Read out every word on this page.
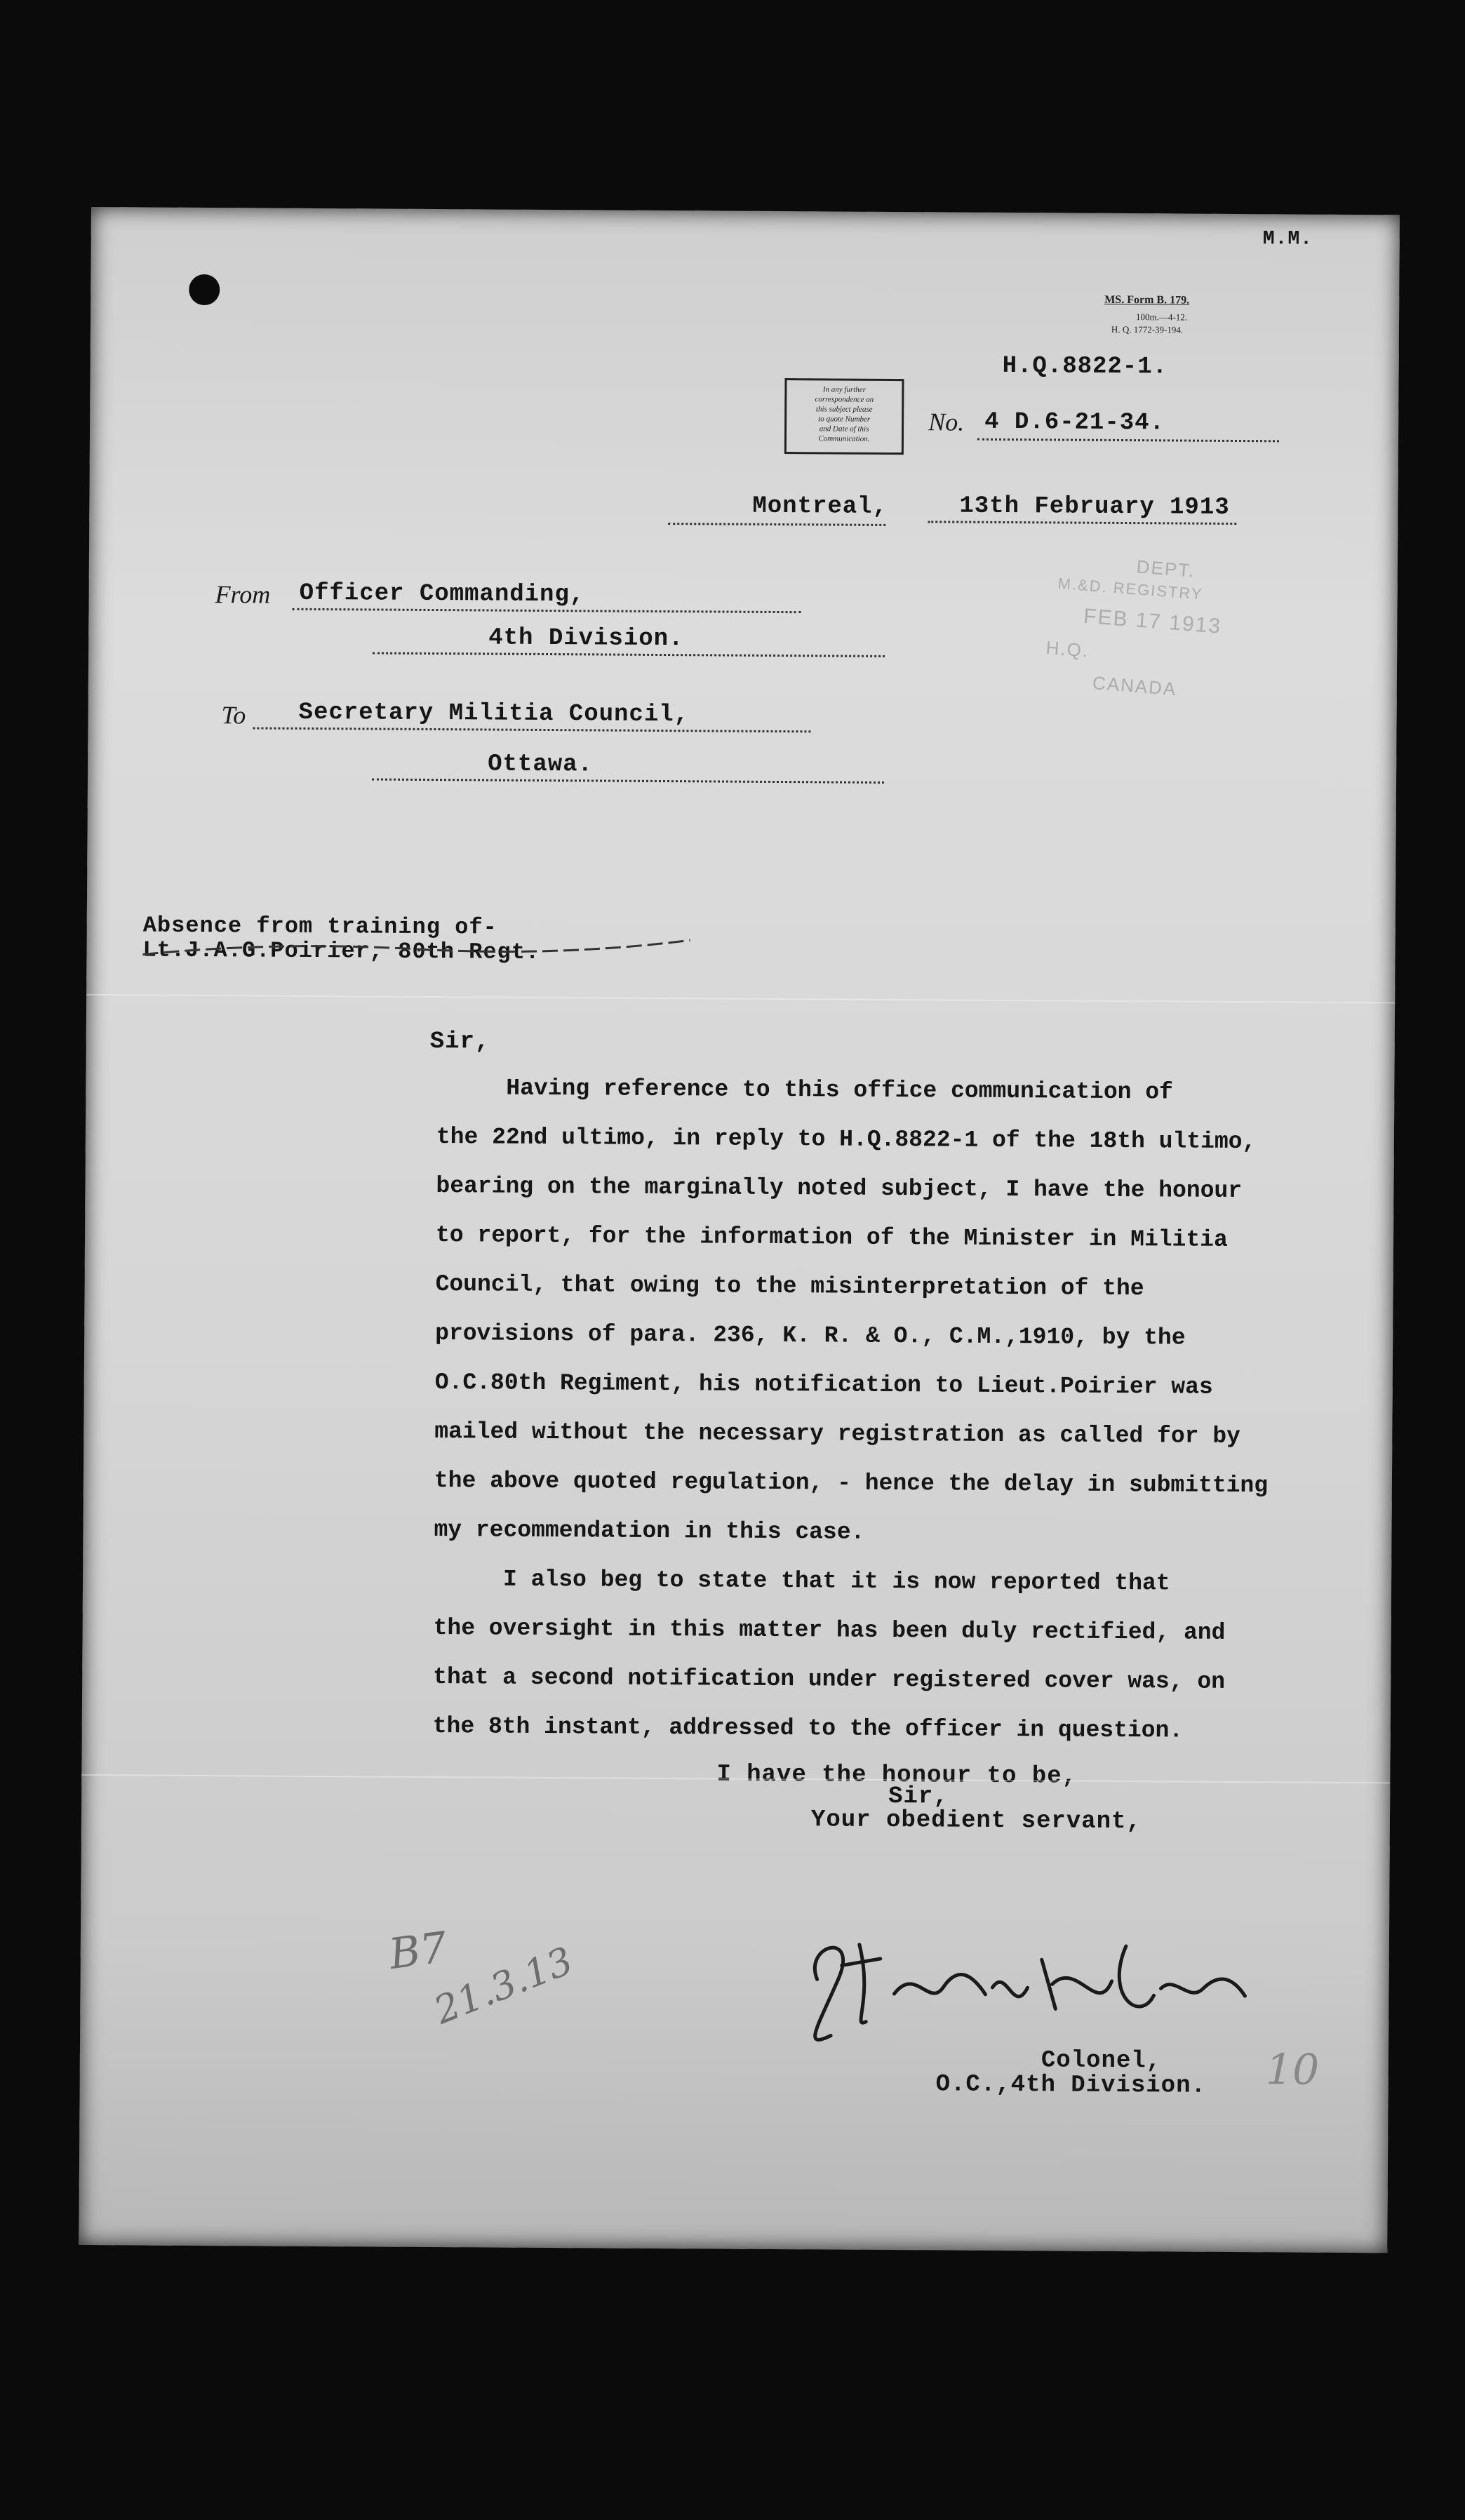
M.M.
MS. Form B. 179.
100m.—4-12.
H. Q. 1772-39-194.
H.Q.8822-1.
In any further
correspondence on
this subject please
to quote Number
and Date of this
Communication.
No. 4 D.6-21-34.
Montreal,	13th February 1913
From Officer Commanding,
4th Division.
To Secretary Militia Council,
Ottawa.
DEPT.
M.&D. REGISTRY
FEB 17 1913
H.Q.
CANADA
Absence from training of-
Lt.J.A.G.Poirier, 80th Regt.
Sir,
Having reference to this office communication of
the 22nd ultimo, in reply to H.Q.8822-1 of the 18th ultimo,
bearing on the marginally noted subject, I have the honour
to report, for the information of the Minister in Militia
Council, that owing to the misinterpretation of the
provisions of para. 236, K. R. & O., C.M.,1910, by the
O.C.80th Regiment, his notification to Lieut.Poirier was
mailed without the necessary registration as called for by
the above quoted regulation, - hence the delay in submitting
my recommendation in this case.
I also beg to state that it is now reported that
the oversight in this matter has been duly rectified, and
that a second notification under registered cover was, on
the 8th instant, addressed to the officer in question.
I have the honour to be,
Sir,
Your obedient servant,
B7
21.3.13
Colonel,
O.C.,4th Division. 10
